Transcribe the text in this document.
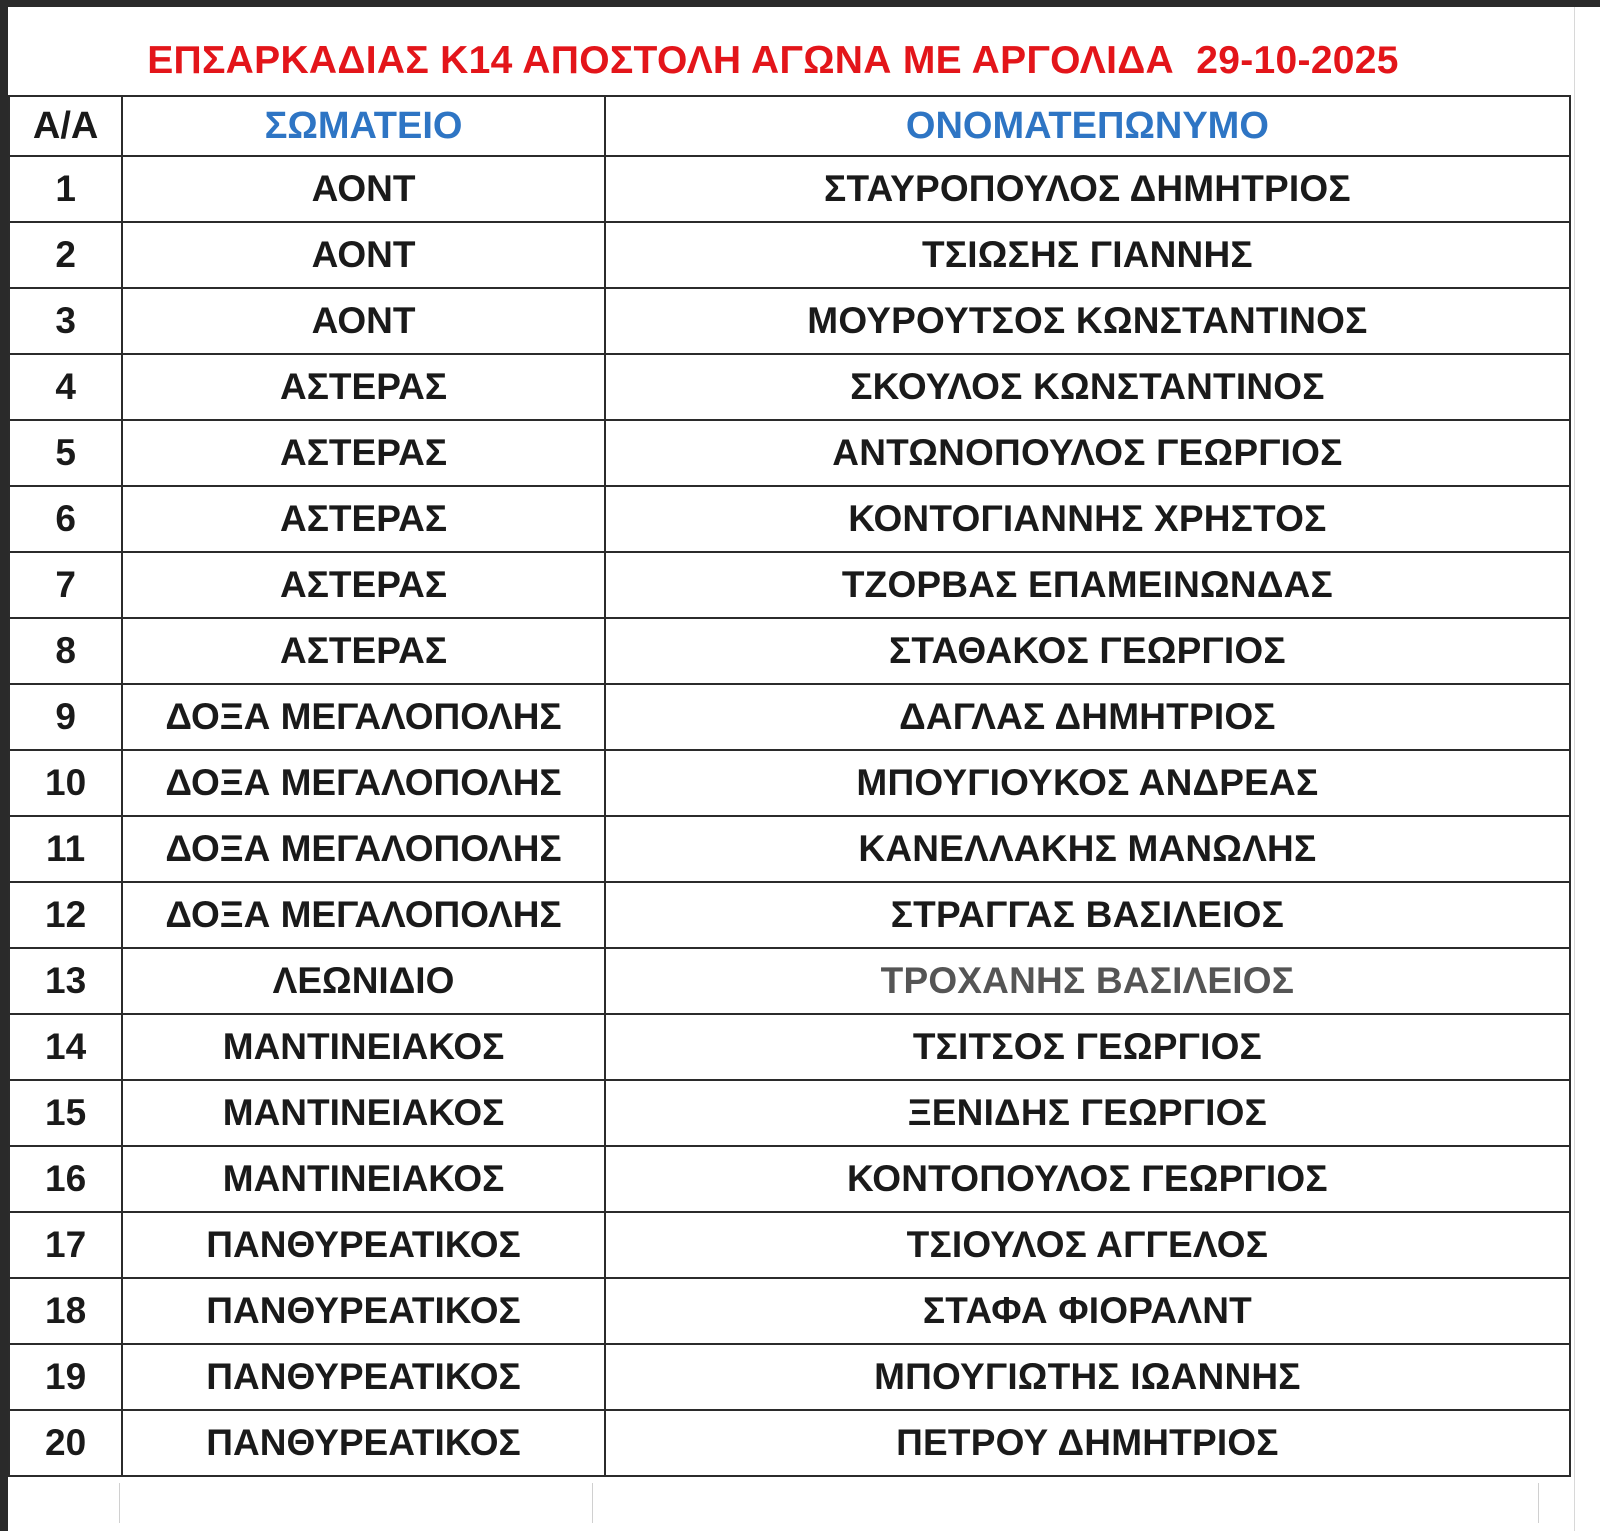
ΕΠΣΑΡΚΑΔΙΑΣ Κ14 ΑΠΟΣΤΟΛΗ ΑΓΩΝΑ ΜΕ ΑΡΓΟΛΙΔΑ  29-10-2025
Α/Α	ΣΩΜΑΤΕΙΟ	ΟΝΟΜΑΤΕΠΩΝΥΜΟ
1	ΑΟΝΤ	ΣΤΑΥΡΟΠΟΥΛΟΣ ΔΗΜΗΤΡΙΟΣ
2	ΑΟΝΤ	ΤΣΙΩΣΗΣ ΓΙΑΝΝΗΣ
3	ΑΟΝΤ	ΜΟΥΡΟΥΤΣΟΣ ΚΩΝΣΤΑΝΤΙΝΟΣ
4	ΑΣΤΕΡΑΣ	ΣΚΟΥΛΟΣ ΚΩΝΣΤΑΝΤΙΝΟΣ
5	ΑΣΤΕΡΑΣ	ΑΝΤΩΝΟΠΟΥΛΟΣ ΓΕΩΡΓΙΟΣ
6	ΑΣΤΕΡΑΣ	ΚΟΝΤΟΓΙΑΝΝΗΣ ΧΡΗΣΤΟΣ
7	ΑΣΤΕΡΑΣ	ΤΖΟΡΒΑΣ ΕΠΑΜΕΙΝΩΝΔΑΣ
8	ΑΣΤΕΡΑΣ	ΣΤΑΘΑΚΟΣ ΓΕΩΡΓΙΟΣ
9	ΔΟΞΑ ΜΕΓΑΛΟΠΟΛΗΣ	ΔΑΓΛΑΣ ΔΗΜΗΤΡΙΟΣ
10	ΔΟΞΑ ΜΕΓΑΛΟΠΟΛΗΣ	ΜΠΟΥΓΙΟΥΚΟΣ ΑΝΔΡΕΑΣ
11	ΔΟΞΑ ΜΕΓΑΛΟΠΟΛΗΣ	ΚΑΝΕΛΛΑΚΗΣ ΜΑΝΩΛΗΣ
12	ΔΟΞΑ ΜΕΓΑΛΟΠΟΛΗΣ	ΣΤΡΑΓΓΑΣ ΒΑΣΙΛΕΙΟΣ
13	ΛΕΩΝΙΔΙΟ	ΤΡΟΧΑΝΗΣ ΒΑΣΙΛΕΙΟΣ
14	ΜΑΝΤΙΝΕΙΑΚΟΣ	ΤΣΙΤΣΟΣ ΓΕΩΡΓΙΟΣ
15	ΜΑΝΤΙΝΕΙΑΚΟΣ	ΞΕΝΙΔΗΣ ΓΕΩΡΓΙΟΣ
16	ΜΑΝΤΙΝΕΙΑΚΟΣ	ΚΟΝΤΟΠΟΥΛΟΣ ΓΕΩΡΓΙΟΣ
17	ΠΑΝΘΥΡΕΑΤΙΚΟΣ	ΤΣΙΟΥΛΟΣ ΑΓΓΕΛΟΣ
18	ΠΑΝΘΥΡΕΑΤΙΚΟΣ	ΣΤΑΦΑ ΦΙΟΡΑΛΝΤ
19	ΠΑΝΘΥΡΕΑΤΙΚΟΣ	ΜΠΟΥΓΙΩΤΗΣ ΙΩΑΝΝΗΣ
20	ΠΑΝΘΥΡΕΑΤΙΚΟΣ	ΠΕΤΡΟΥ ΔΗΜΗΤΡΙΟΣ
